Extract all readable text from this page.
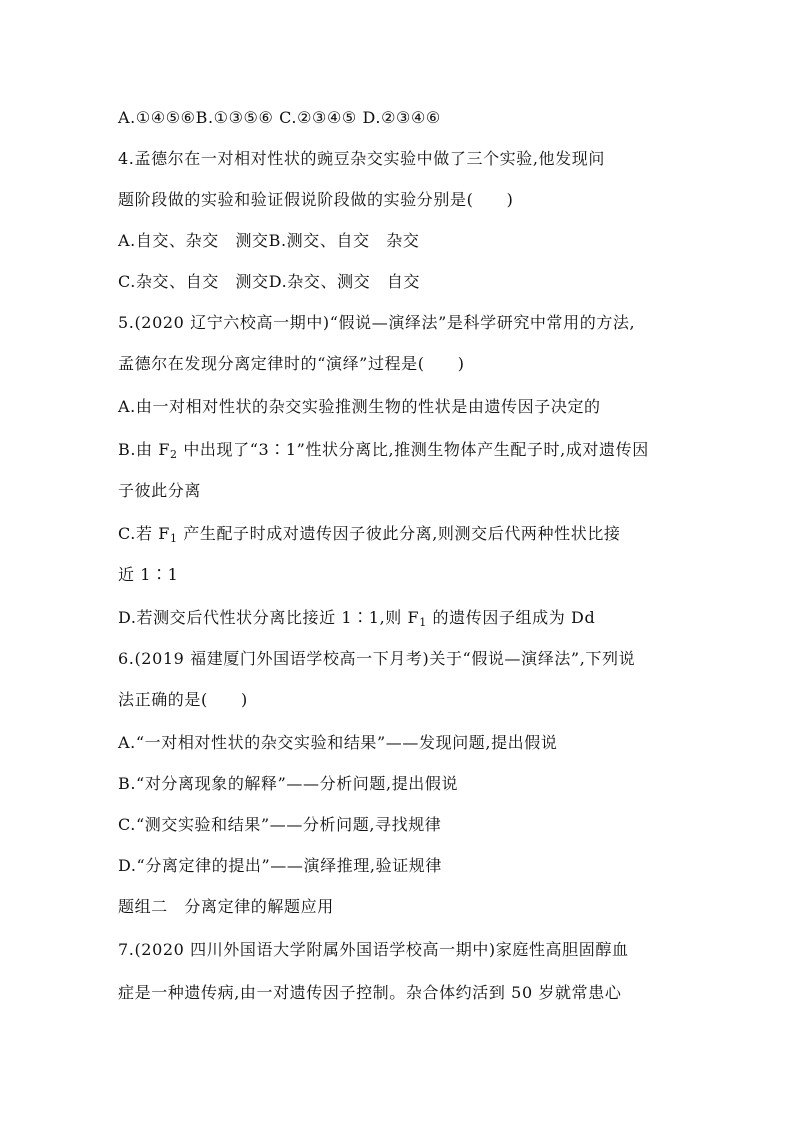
A.①④⑤⑥B.①③⑤⑥ C.②③④⑤ D.②③④⑥
4.孟德尔在一对相对性状的豌豆杂交实验中做了三个实验,他发现问
题阶段做的实验和验证假说阶段做的实验分别是(　　)
A.自交、杂交　测交B.测交、自交　杂交
C.杂交、自交　测交D.杂交、测交　自交
5.(2020 辽宁六校高一期中)“假说—演绎法”是科学研究中常用的方法,
孟德尔在发现分离定律时的“演绎”过程是(　　)
A.由一对相对性状的杂交实验推测生物的性状是由遗传因子决定的
B.由 $F_2$ 中出现了“3∶1”性状分离比,推测生物体产生配子时,成对遗传因
子彼此分离
C.若 $F_1$ 产生配子时成对遗传因子彼此分离,则测交后代两种性状比接
近 1∶1
D.若测交后代性状分离比接近 1∶1,则 $F_1$ 的遗传因子组成为 Dd
6.(2019 福建厦门外国语学校高一下月考)关于“假说—演绎法”,下列说
法正确的是(　　)
A.“一对相对性状的杂交实验和结果”——发现问题,提出假说
B.“对分离现象的解释”——分析问题,提出假说
C.“测交实验和结果”——分析问题,寻找规律
D.“分离定律的提出”——演绎推理,验证规律
题组二　分离定律的解题应用
7.(2020 四川外国语大学附属外国语学校高一期中)家庭性高胆固醇血
症是一种遗传病,由一对遗传因子控制。杂合体约活到 50 岁就常患心
